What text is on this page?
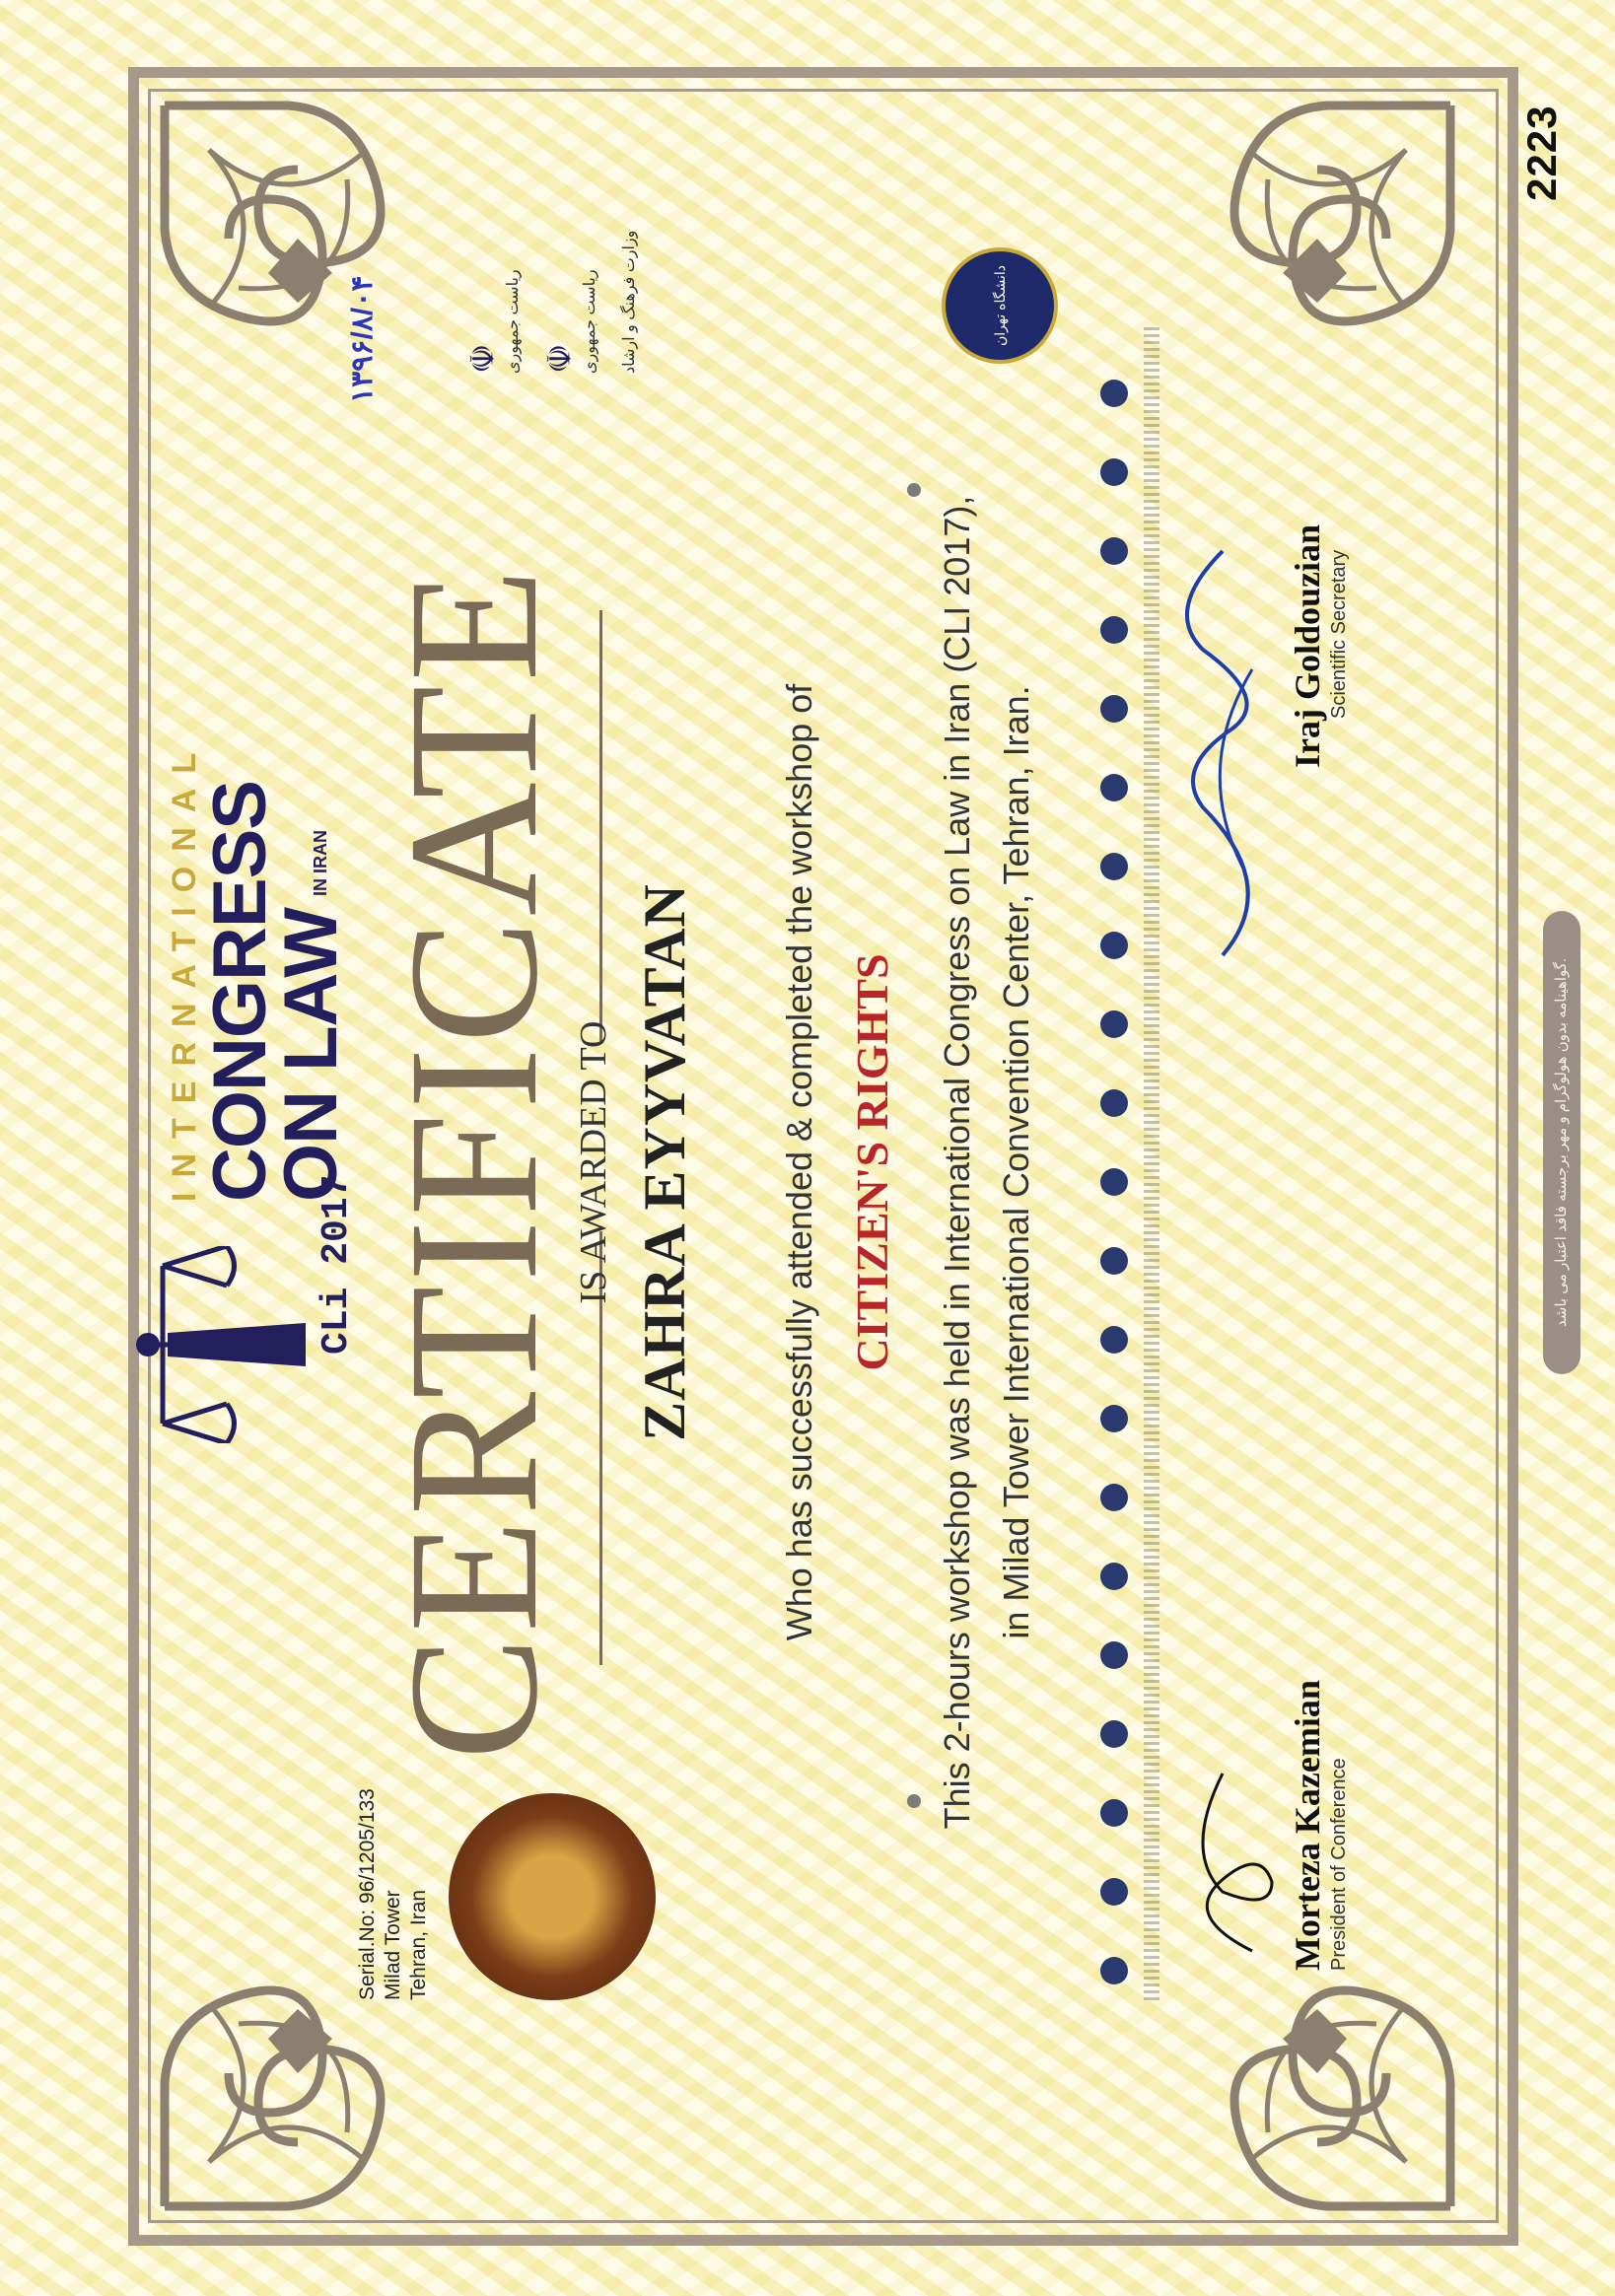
INTERNATIONAL
CONGRESS
ON LAW
IN IRAN
CLi 2017 CERTIFICATE
IS AWARDED TO ZAHRA EYYVATAN Who has successfully attended & completed the workshop of CITIZEN'S RIGHTS This 2-hours workshop was held in International Congress on Law in Iran (CLI 2017), in Milad Tower International Convention Center, Tehran, Iran.
Serial.No: 96/1205/133 Milad Tower Tehran, Iran
۱۳۹۶/۸/۰۴
2223
☫ ریاست جمهوری ☫ ریاست جمهوری وزارت فرهنگ و ارشاد	دانشگاه تهران
Morteza Kazemian President of Conference
Iraj Goldouzian Scientific Secretary
گواهینامه بدون هولوگرام و مهر برجسته فاقد اعتبار می باشد.
